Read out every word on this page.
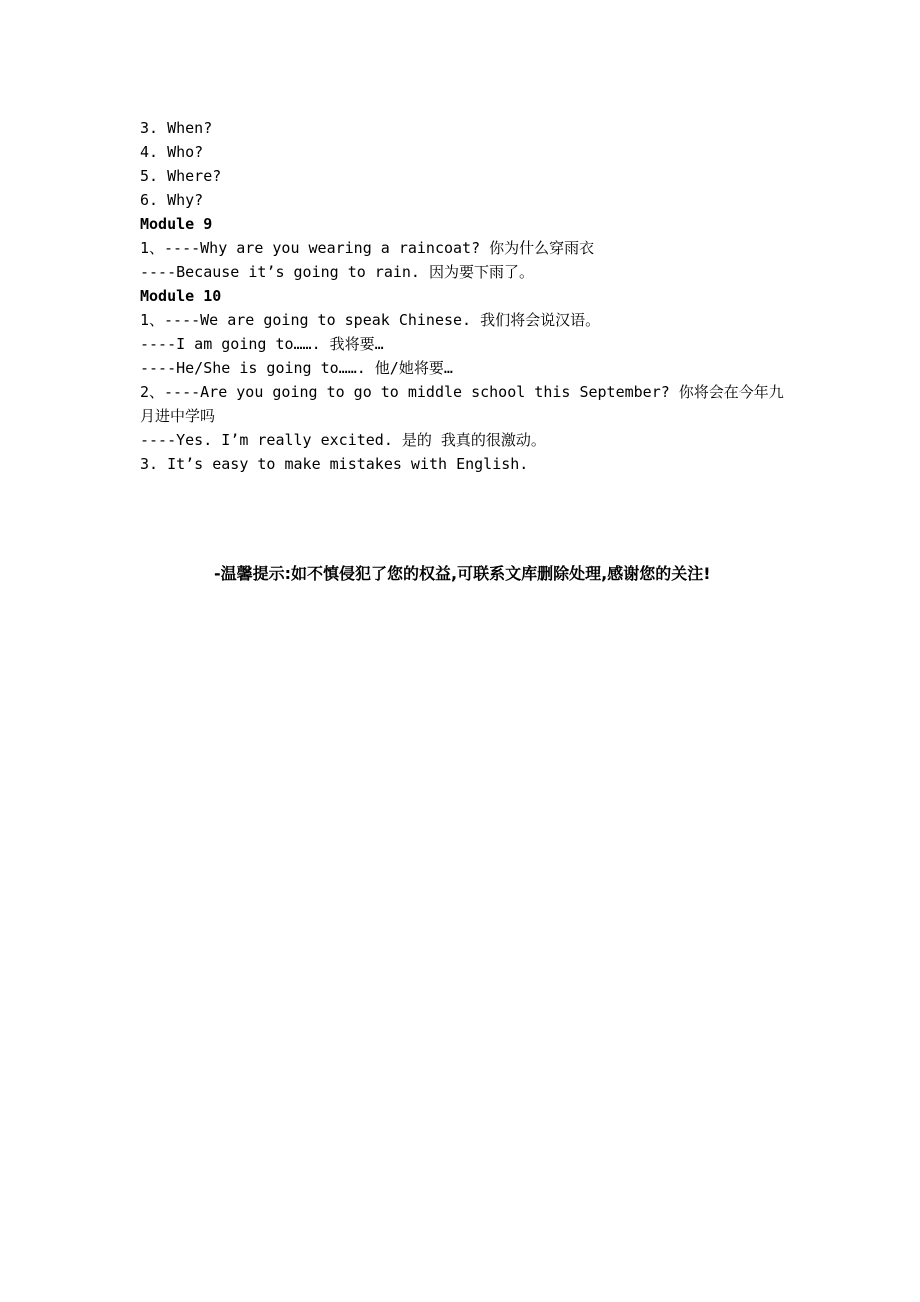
3. When?
4. Who?
5. Where?
6. Why?
Module 9
1、----Why are you wearing a raincoat? 你为什么穿雨衣
----Because it’s going to rain. 因为要下雨了。
Module 10
1、----We are going to speak Chinese. 我们将会说汉语。
----I am going to……. 我将要…
----He/She is going to……. 他/她将要…
2、----Are you going to go to middle school this September? 你将会在今年九月进中学吗
----Yes. I’m really excited. 是的 我真的很激动。
3. It’s easy to make mistakes with English.
-温馨提示:如不慎侵犯了您的权益,可联系文库删除处理,感谢您的关注!
